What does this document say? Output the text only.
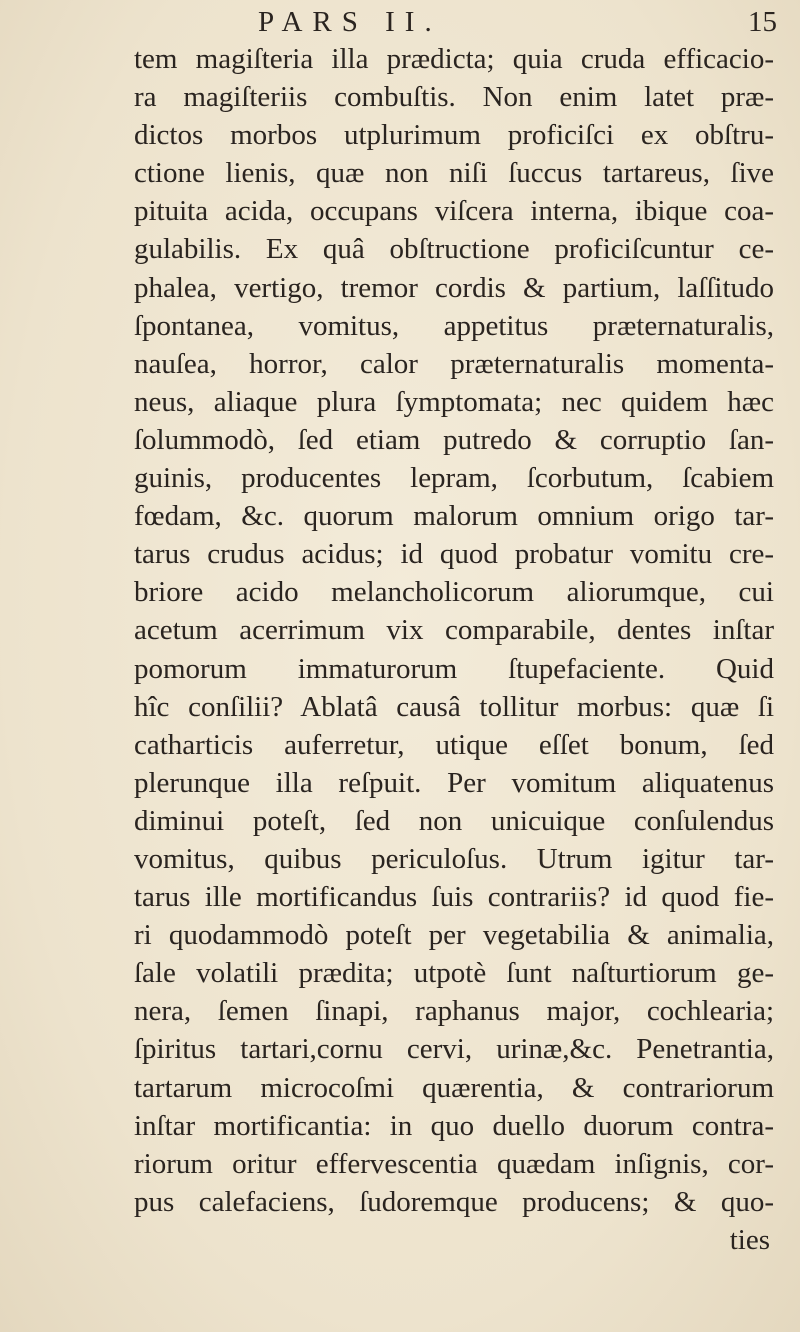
PARS II.	15
tem magiſteria illa prædicta; quia cruda efficacio-
ra magiſteriis combuſtis. Non enim latet præ-
dictos morbos utplurimum proficiſci ex obſtru-
ctione lienis, quæ non niſi ſuccus tartareus, ſive
pituita acida, occupans viſcera interna, ibique coa-
gulabilis. Ex quâ obſtructione proficiſcuntur ce-
phalea, vertigo, tremor cordis & partium, laſſitudo
ſpontanea, vomitus, appetitus præternaturalis,
nauſea, horror, calor præternaturalis momenta-
neus, aliaque plura ſymptomata; nec quidem hæc
ſolummodò, ſed etiam putredo & corruptio ſan-
guinis, producentes lepram, ſcorbutum, ſcabiem
fœdam, &c. quorum malorum omnium origo tar-
tarus crudus acidus; id quod probatur vomitu cre-
briore acido melancholicorum aliorumque, cui
acetum acerrimum vix comparabile, dentes inſtar
pomorum immaturorum ſtupefaciente. Quid
hîc conſilii? Ablatâ causâ tollitur morbus: quæ ſi
catharticis auferretur, utique eſſet bonum, ſed
plerunque illa reſpuit. Per vomitum aliquatenus
diminui poteſt, ſed non unicuique conſulendus
vomitus, quibus periculoſus. Utrum igitur tar-
tarus ille mortificandus ſuis contrariis? id quod fie-
ri quodammodò poteſt per vegetabilia & animalia,
ſale volatili prædita; utpotè ſunt naſturtiorum ge-
nera, ſemen ſinapi, raphanus major, cochlearia;
ſpiritus tartari,cornu cervi, urinæ,&c. Penetrantia,
tartarum microcoſmi quærentia, & contrariorum
inſtar mortificantia: in quo duello duorum contra-
riorum oritur effervescentia quædam inſignis, cor-
pus calefaciens, ſudoremque producens; & quo-
ties
